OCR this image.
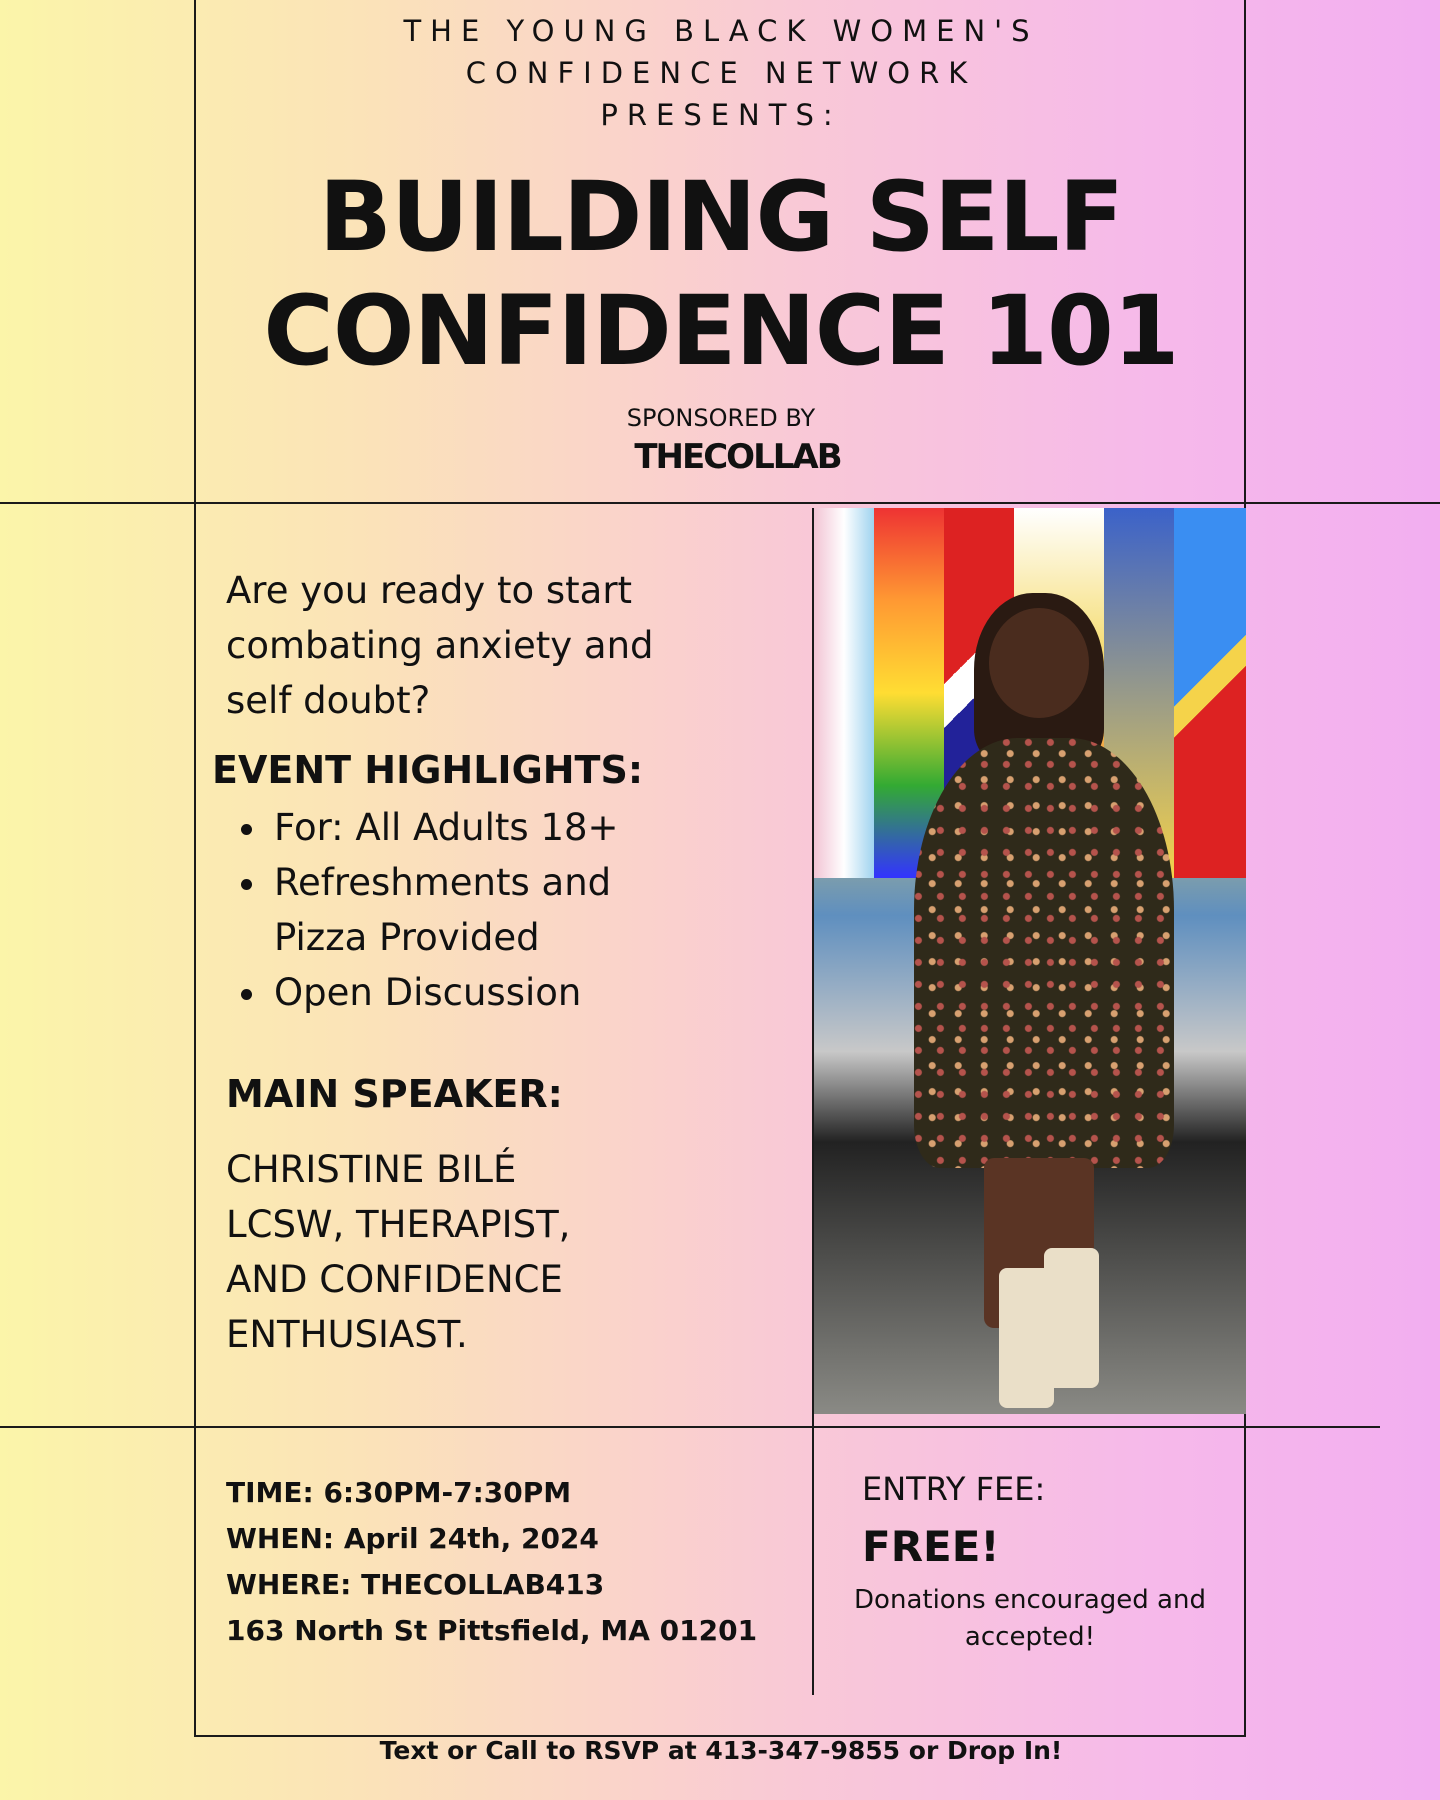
THE YOUNG BLACK WOMEN'S
CONFIDENCE NETWORK
PRESENTS:
BUILDING SELF
CONFIDENCE 101
SPONSORED BY
THECOLLAB
Are you ready to start
combating anxiety and
self doubt?
EVENT HIGHLIGHTS:
• For: All Adults 18+
• Refreshments and Pizza Provided
• Open Discussion
MAIN SPEAKER:
CHRISTINE BILÉ
LCSW, THERAPIST,
AND CONFIDENCE
ENTHUSIAST.
TIME: 6:30PM-7:30PM
WHEN: April 24th, 2024
WHERE: THECOLLAB413
163 North St Pittsfield, MA 01201
ENTRY FEE:
FREE!
Donations encouraged and
accepted!
Text or Call to RSVP at 413-347-9855 or Drop In!
